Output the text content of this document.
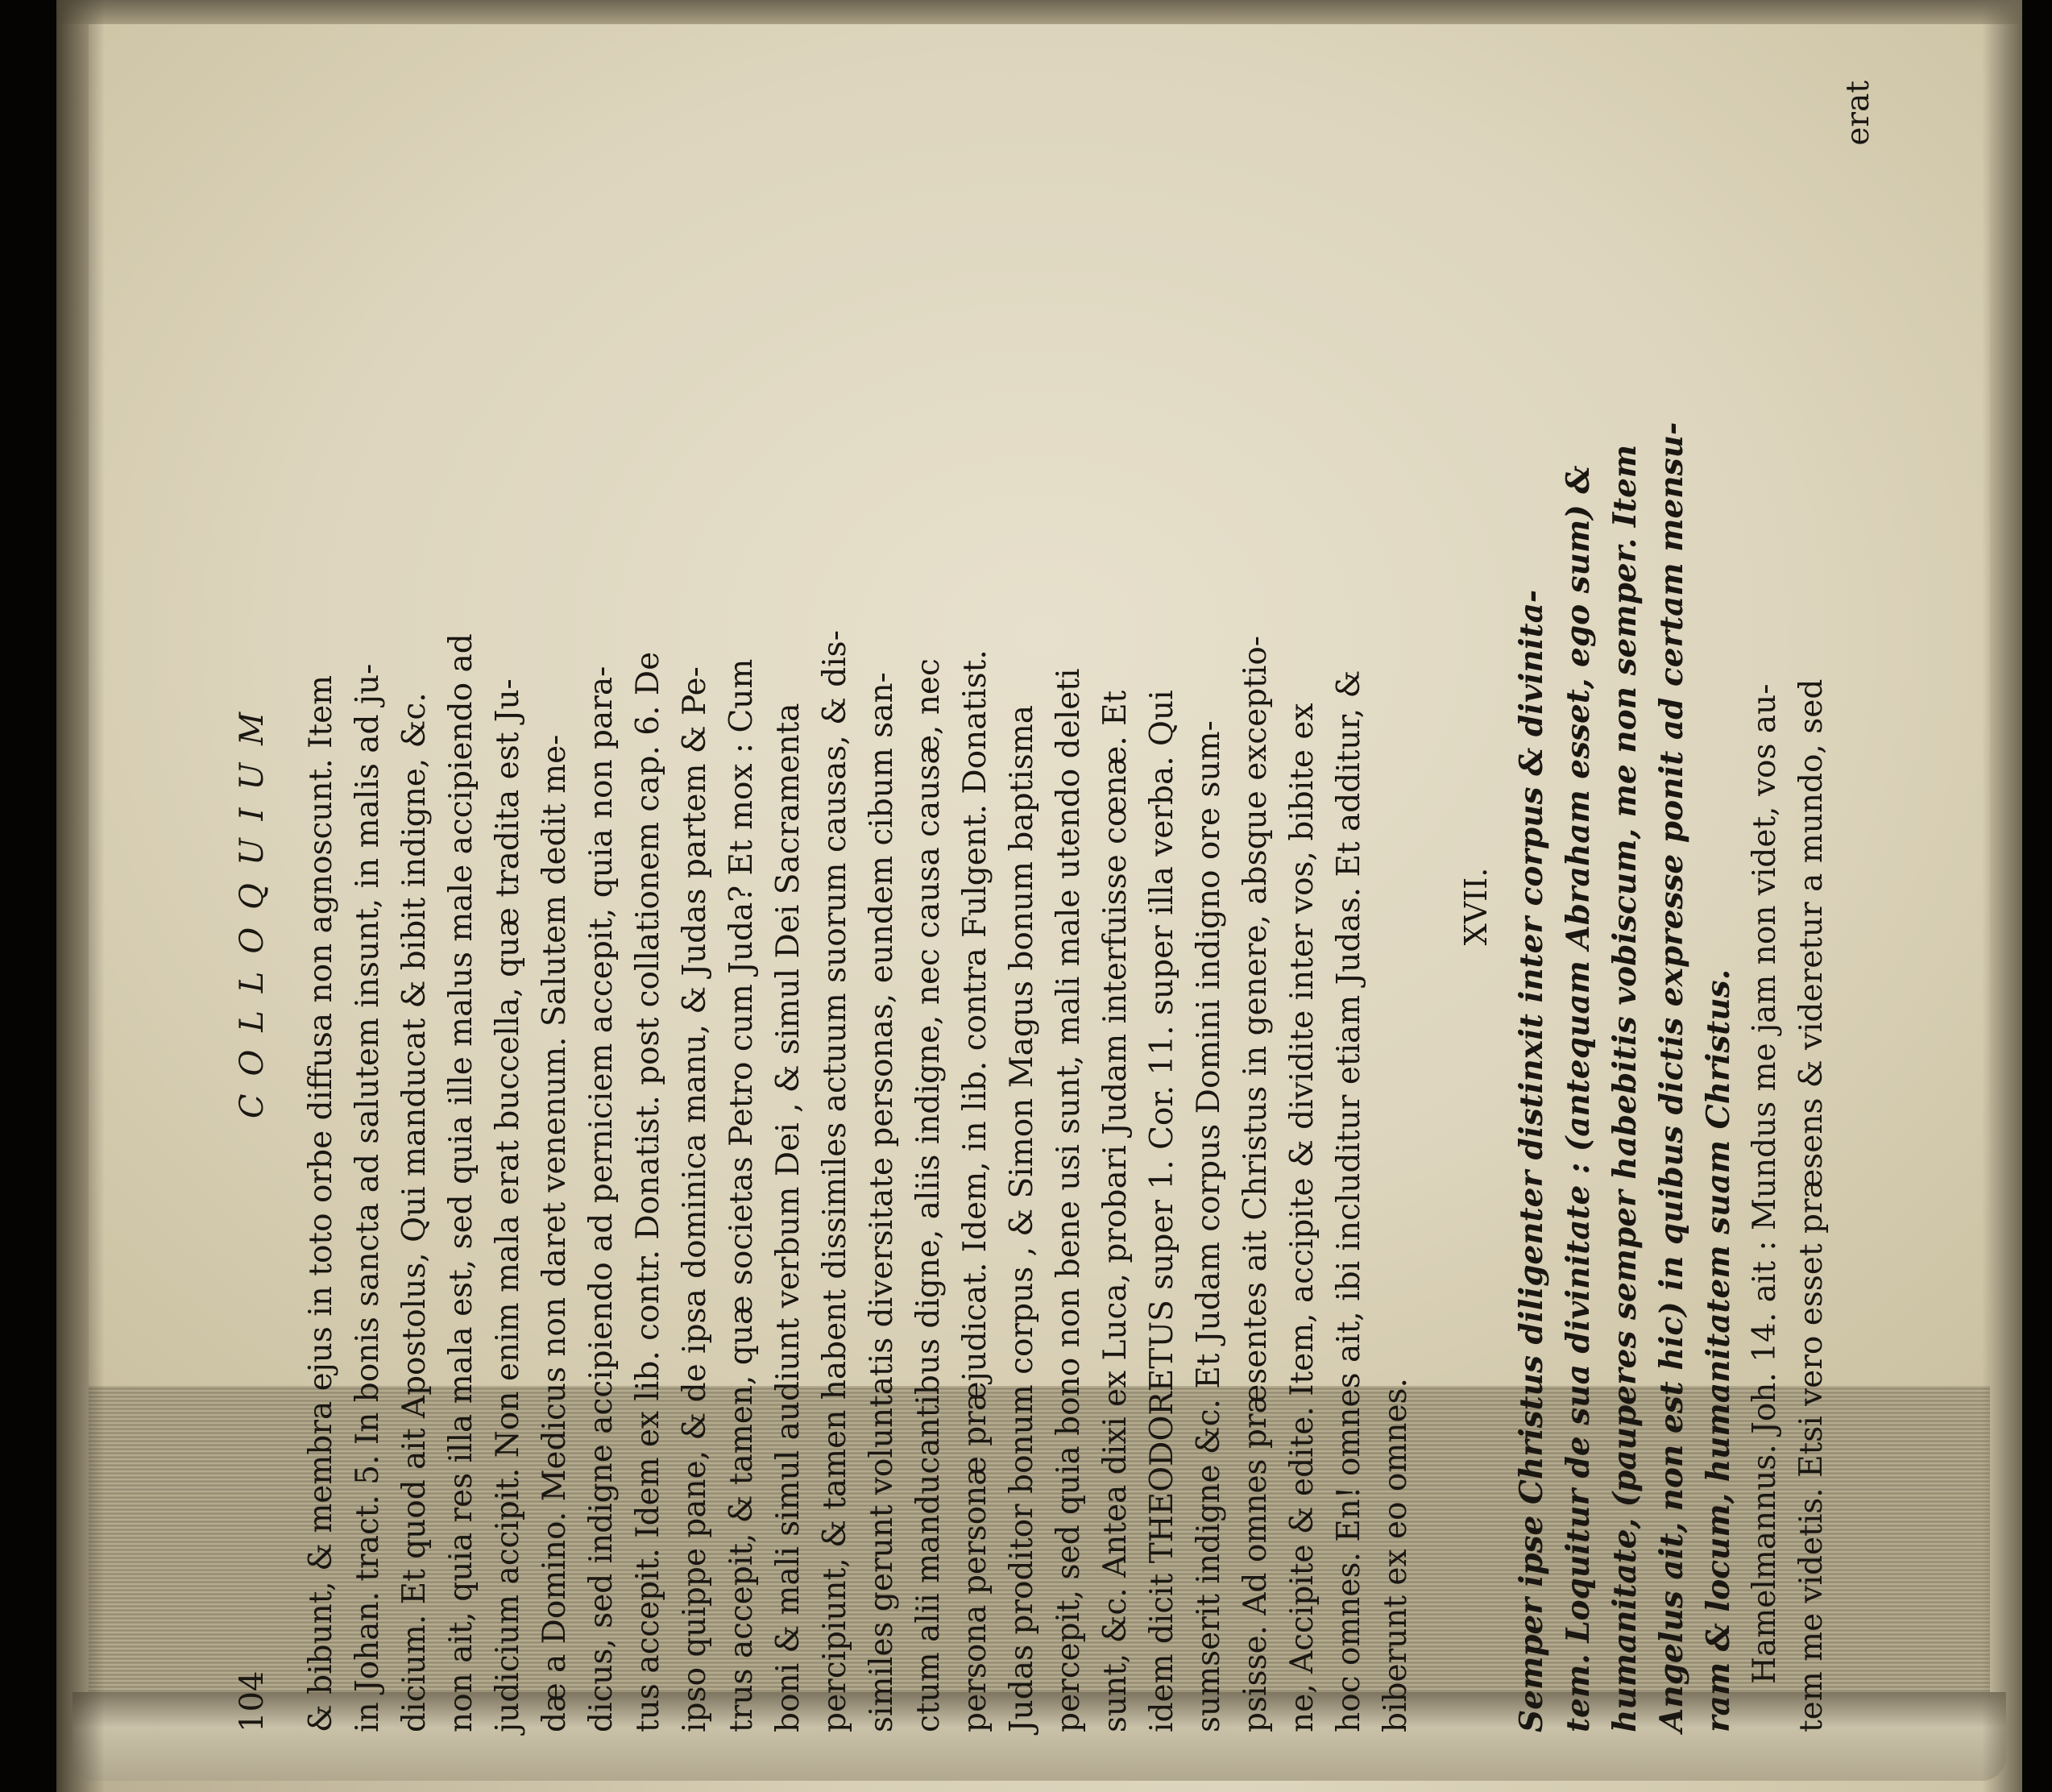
104
COLLOQUIUM & bibunt, & membra ejus in toto orbe diffusa non agnoscunt. Item in Johan. tract. 5. In bonis sancta ad salutem insunt, in malis ad ju- dicium. Et quod ait Apostolus, Qui manducat & bibit indigne, &c. non ait, quia res illa mala est, sed quia ille malus male accipiendo ad judicium accipit. Non enim mala erat buccella, quæ tradita est Ju- dæ a Domino. Medicus non daret venenum. Salutem dedit me- dicus, sed indigne accipiendo ad perniciem accepit, quia non para- tus accepit. Idem ex lib. contr. Donatist. post collationem cap. 6. De ipso quippe pane, & de ipsa dominica manu, & Judas partem & Pe- trus accepit, & tamen, quæ societas Petro cum Juda? Et mox : Cum boni & mali simul audiunt verbum Dei , & simul Dei Sacramenta percipiunt, & tamen habent dissimiles actuum suorum causas, & dis- similes gerunt voluntatis diversitate personas, eundem cibum san- ctum alii manducantibus digne, aliis indigne, nec causa causæ, nec persona personæ præjudicat. Idem, in lib. contra Fulgent. Donatist. Judas proditor bonum corpus , & Simon Magus bonum baptisma percepit, sed quia bono non bene usi sunt, mali male utendo deleti sunt, &c. Antea dixi ex Luca, probari Judam interfuisse cœnæ. Et idem dicit THEODORETUS super 1. Cor. 11. super illa verba. Qui sumserit indigne &c. Et Judam corpus Domini indigno ore sum- psisse. Ad omnes præsentes ait Christus in genere, absque exceptio- ne, Accipite & edite. Item, accipite & dividite inter vos, bibite ex hoc omnes. En! omnes ait, ibi includitur etiam Judas. Et additur, & biberunt ex eo omnes.
XVII. Semper ipse Christus diligenter distinxit inter corpus & divinita- tem. Loquitur de sua divinitate : (antequam Abraham esset, ego sum) & humanitate, (pauperes semper habebitis vobiscum, me non semper. Item Angelus ait, non est hic) in quibus dictis expresse ponit ad certam mensu- ram & locum, humanitatem suam Christus. Hamelmannus. Joh. 14. ait : Mundus me jam non videt, vos au- tem me videtis. Etsi vero esset præsens & videretur a mundo, sed
erat
